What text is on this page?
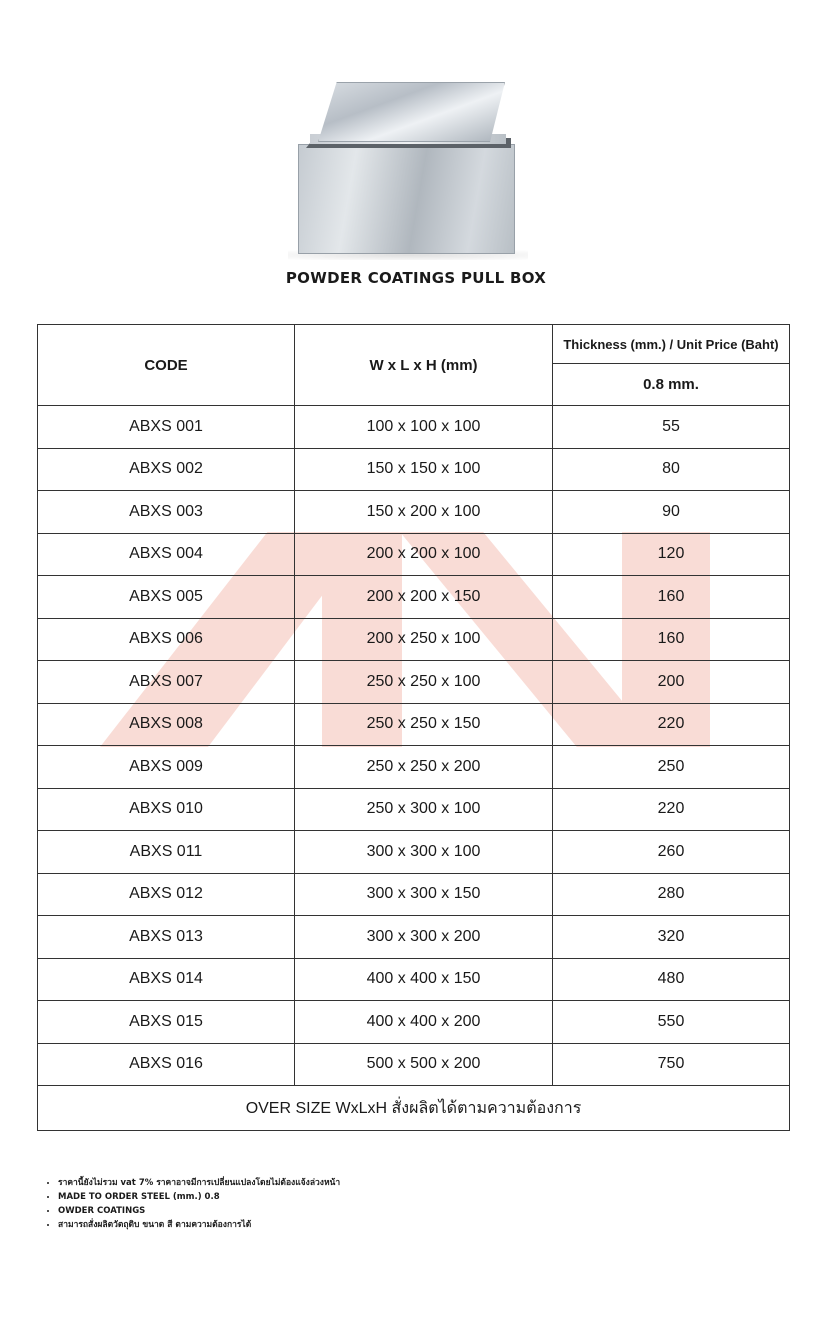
POWDER COATINGS PULL BOX
CODE	W x L x H (mm)	Thickness (mm.) / Unit Price (Baht)
		0.8 mm.
ABXS 001	100 x 100 x 100	55
ABXS 002	150 x 150 x 100	80
ABXS 003	150 x 200 x 100	90
ABXS 004	200 x 200 x 100	120
ABXS 005	200 x 200 x 150	160
ABXS 006	200 x 250 x 100	160
ABXS 007	250 x 250 x 100	200
ABXS 008	250 x 250 x 150	220
ABXS 009	250 x 250 x 200	250
ABXS 010	250 x 300 x 100	220
ABXS 011	300 x 300 x 100	260
ABXS 012	300 x 300 x 150	280
ABXS 013	300 x 300 x 200	320
ABXS 014	400 x 400 x 150	480
ABXS 015	400 x 400 x 200	550
ABXS 016	500 x 500 x 200	750
OVER SIZE WxLxH สั่งผลิตได้ตามความต้องการ		
• ราคานี้ยังไม่รวม vat 7% ราคาอาจมีการเปลี่ยนแปลงโดยไม่ต้องแจ้งล่วงหน้า
• MADE TO ORDER STEEL (mm.) 0.8
• OWDER COATINGS
• สามารถสั่งผลิตวัตถุดิบ ขนาด สี ตามความต้องการได้
